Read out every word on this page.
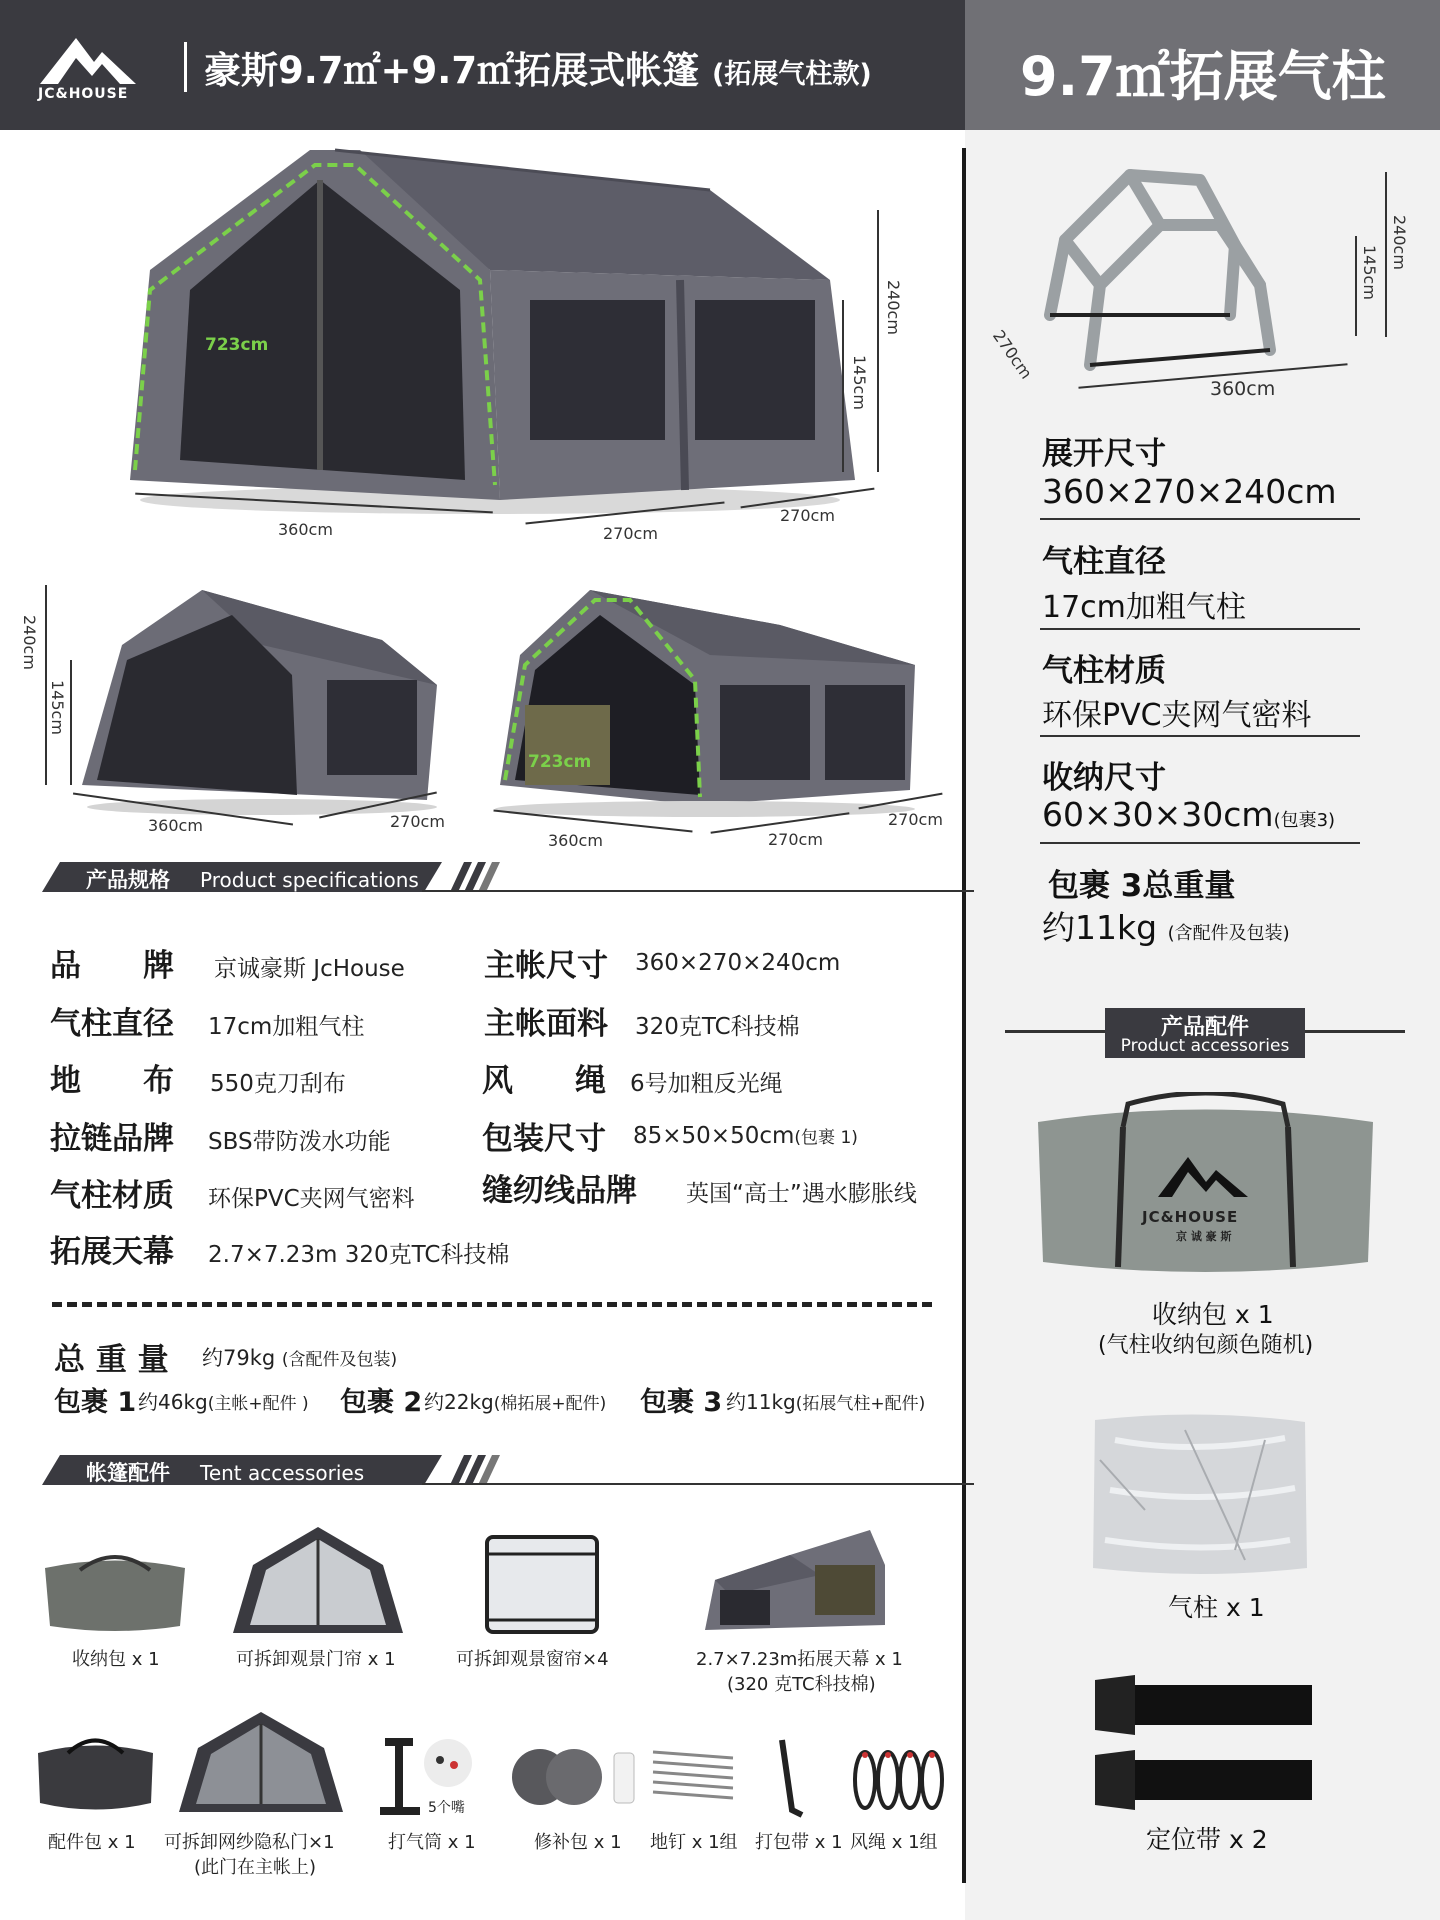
JC&HOUSE
豪斯9.7㎡+9.7㎡拓展式帐篷 (拓展气柱款)	9.7㎡拓展气柱
723cm
240cm
145cm
360cm	270cm
270cm
240cm
145cm
360cm	270cm
723cm
360cm	270cm
270cm
产品规格 Product specifications
品　　牌 京诚豪斯 JcHouse	主帐尺寸 360×270×240cm
气柱直径 17cm加粗气柱	主帐面料 320克TC科技棉
地　　布 550克刀刮布	风　　绳 6号加粗反光绳
拉链品牌 SBS带防泼水功能	包装尺寸 85×50×50cm(包裹 1)
气柱材质 环保PVC夹网气密料 缝纫线品牌 英国“高士”遇水膨胀线
拓展天幕 2.7×7.23m 320克TC科技棉
总 重 量 约79kg (含配件及包装)
包裹 1 约46kg(主帐+配件 ) 包裹 2 约22kg(棉拓展+配件) 包裹 3 约11kg(拓展气柱+配件)
帐篷配件 Tent accessories
收纳包 x 1	可拆卸观景门帘 x 1	可拆卸观景窗帘×4	2.7×7.23m拓展天幕 x 1
(320 克TC科技棉)
5个嘴
配件包 x 1 可拆卸网纱隐私门×1
(此门在主帐上)
打气筒 x 1	修补包 x 1 地钉 x 1组 打包带 x 1 风绳 x 1组
240cm
145cm
270cm
360cm
展开尺寸
360×270×240cm
气柱直径
17cm加粗气柱
气柱材质
环保PVC夹网气密料
收纳尺寸
60×30×30cm(包裹3)
包裹 3总重量
约11kg (含配件及包装)
产品配件
Product accessories
JC&HOUSE
京 诚 豪 斯
收纳包 x 1
(气柱收纳包颜色随机)
气柱 x 1
定位带 x 2
